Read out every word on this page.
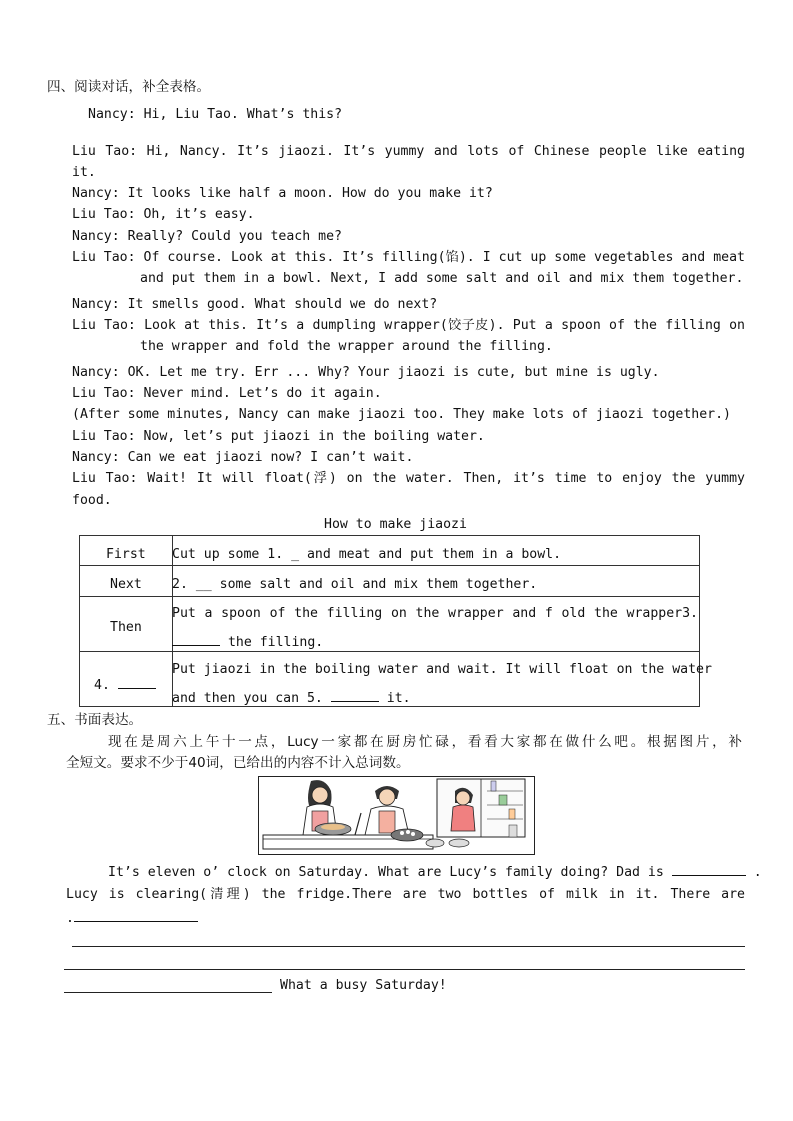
四、阅读对话，补全表格。
Nancy: Hi, Liu Tao. What’s this?
Liu Tao: Hi, Nancy. It’s jiaozi. It’s yummy and lots of Chinese people like eating
it.
Nancy: It looks like half a moon. How do you make it?
Liu Tao: Oh, it’s easy.
Nancy: Really? Could you teach me?
Liu Tao: Of course. Look at this. It’s filling(馅). I cut up some vegetables and meat
and put them in a bowl. Next, I add some salt and oil and mix them together.
Nancy: It smells good. What should we do next?
Liu Tao: Look at this. It’s a dumpling wrapper(饺子皮). Put a spoon of the filling on
the wrapper and fold the wrapper around the filling.
Nancy: OK. Let me try. Err ... Why? Your jiaozi is cute, but mine is ugly.
Liu Tao: Never mind. Let’s do it again.
(After some minutes, Nancy can make jiaozi too. They make lots of jiaozi together.)
Liu Tao: Now, let’s put jiaozi in the boiling water.
Nancy: Can we eat jiaozi now? I can’t wait.
Liu Tao: Wait! It will float(浮) on the water. Then, it’s time to enjoy the yummy
food.
How to make jiaozi
First Cut up some 1. _ and meat and put them in a bowl.
Next 2. __ some salt and oil and mix them together.
Then
Put a spoon of the filling on the wrapper and f old the wrapper3.
the filling.
4.
Put jiaozi in the boiling water and wait. It will float on the water
and then you can 5.	it.
五、书面表达。
现在是周六上午十一点，Lucy一家都在厨房忙碌，看看大家都在做什么吧。根据图片，补
全短文。要求不少于40词，已给出的内容不计入总词数。
It’s eleven o’ clock on Saturday. What are Lucy’s family doing? Dad is	.
Lucy is clearing(清理) the fridge.There are two bottles of milk in it. There are
.
What a busy Saturday!
